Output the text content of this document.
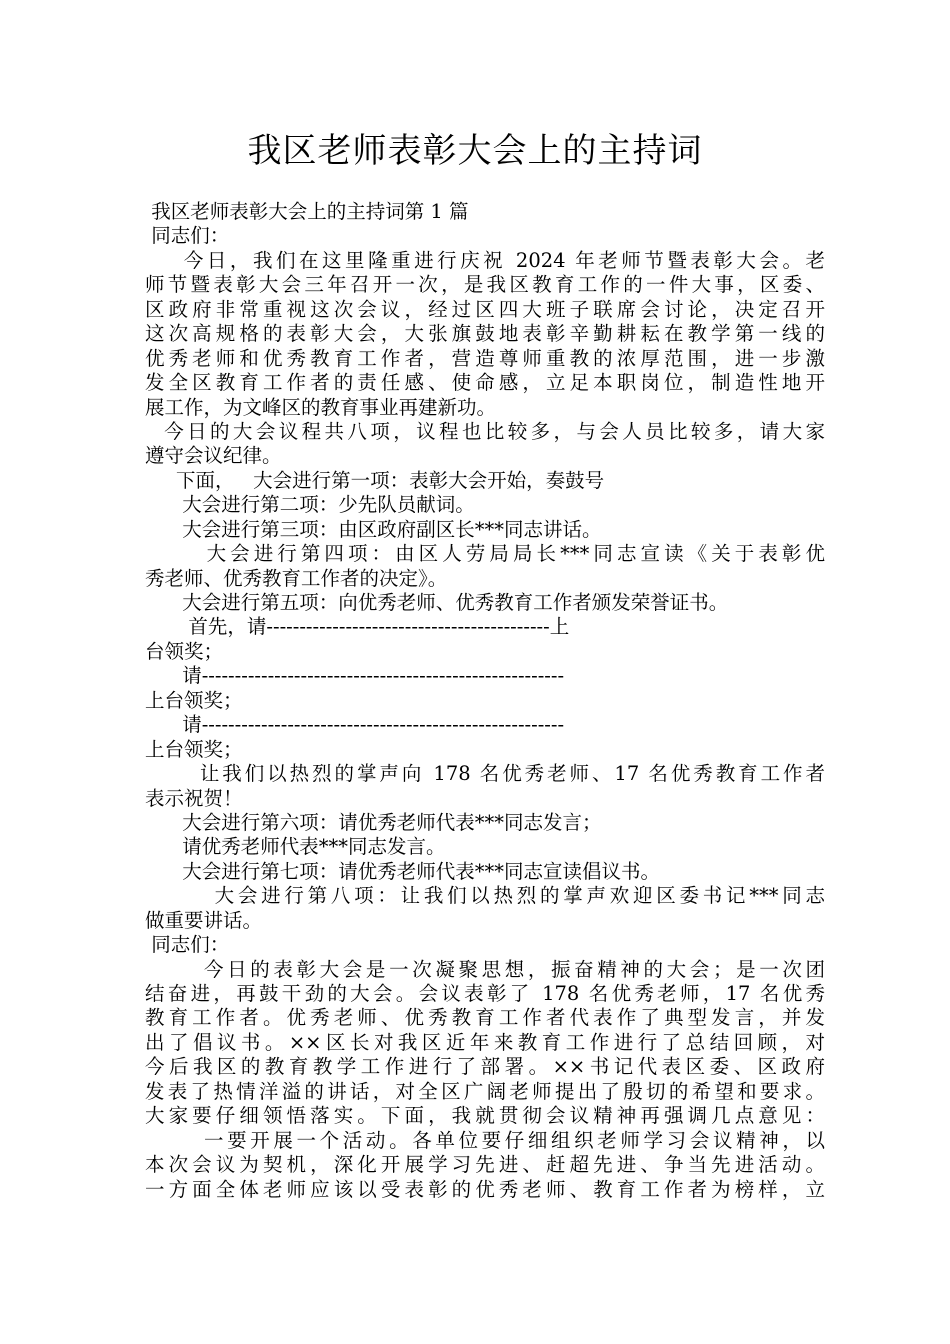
我区老师表彰大会上的主持词
我区老师表彰大会上的主持词第 1 篇
同志们：
今日，我们在这里隆重进行庆祝 2024 年老师节暨表彰大会。老
师节暨表彰大会三年召开一次，是我区教育工作的一件大事，区委、
区政府非常重视这次会议，经过区四大班子联席会讨论，决定召开
这次高规格的表彰大会，大张旗鼓地表彰辛勤耕耘在教学第一线的
优秀老师和优秀教育工作者，营造尊师重教的浓厚范围，进一步激
发全区教育工作者的责任感、使命感，立足本职岗位，制造性地开
展工作，为文峰区的教育事业再建新功。
今日的大会议程共八项，议程也比较多，与会人员比较多，请大家
遵守会议纪律。
下面，   大会进行第一项：表彰大会开始，奏鼓号
大会进行第二项：少先队员献词。
大会进行第三项：由区政府副区长***同志讲话。
大会进行第四项：由区人劳局局长***同志宣读《关于表彰优
秀老师、优秀教育工作者的决定》。
大会进行第五项：向优秀老师、优秀教育工作者颁发荣誉证书。
首先，请-------------------------------------------上
台领奖；
请-------------------------------------------------------
上台领奖；
请-------------------------------------------------------
上台领奖；
让我们以热烈的掌声向 178 名优秀老师、17 名优秀教育工作者
表示祝贺！
大会进行第六项：请优秀老师代表***同志发言；
请优秀老师代表***同志发言。
大会进行第七项：请优秀老师代表***同志宣读倡议书。
大会进行第八项：让我们以热烈的掌声欢迎区委书记***同志
做重要讲话。
同志们：
今日的表彰大会是一次凝聚思想，振奋精神的大会；是一次团
结奋进，再鼓干劲的大会。会议表彰了 178 名优秀老师，17 名优秀
教育工作者。优秀老师、优秀教育工作者代表作了典型发言，并发
出了倡议书。××区长对我区近年来教育工作进行了总结回顾，对
今后我区的教育教学工作进行了部署。××书记代表区委、区政府
发表了热情洋溢的讲话，对全区广阔老师提出了殷切的希望和要求。
大家要仔细领悟落实。下面，我就贯彻会议精神再强调几点意见：
一要开展一个活动。各单位要仔细组织老师学习会议精神，以
本次会议为契机，深化开展学习先进、赶超先进、争当先进活动。
一方面全体老师应该以受表彰的优秀老师、教育工作者为榜样，立
